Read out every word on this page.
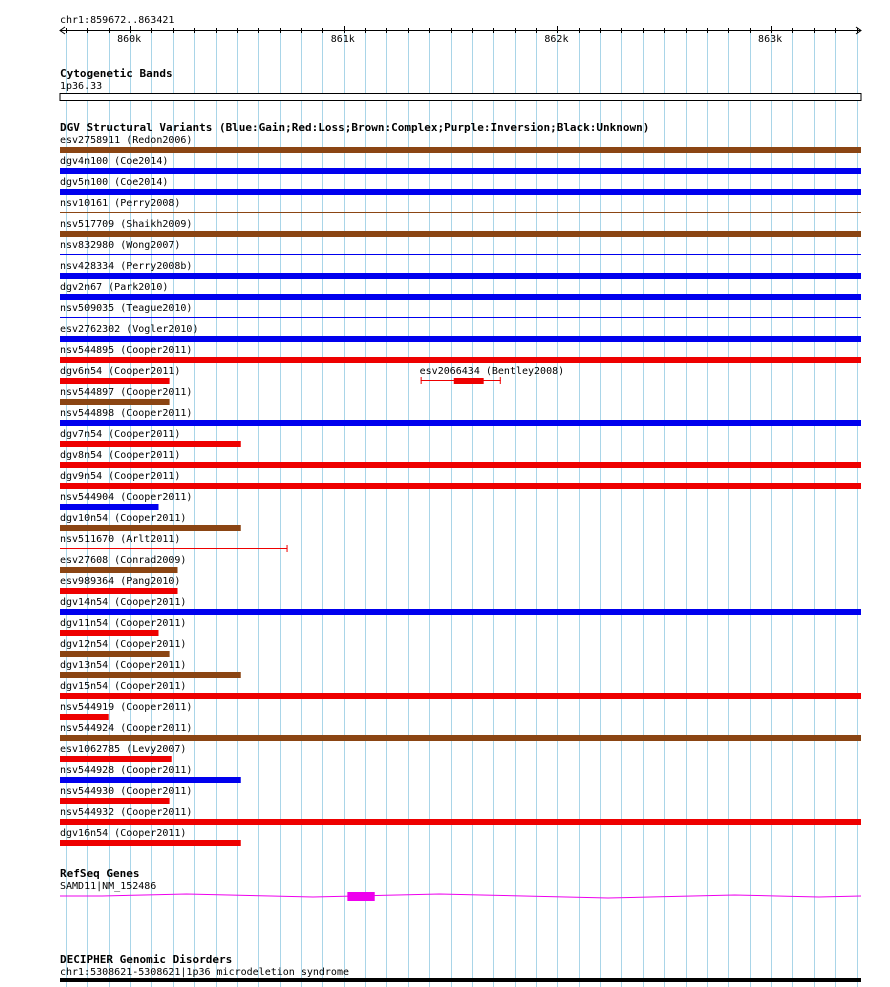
chr1:859672..863421
860k	861k	862k	863k
Cytogenetic Bands
1p36.33
DGV Structural Variants (Blue:Gain;Red:Loss;Brown:Complex;Purple:Inversion;Black:Unknown)
esv2758911 (Redon2006)
dgv4n100 (Coe2014)
dgv5n100 (Coe2014)
nsv10161 (Perry2008)
nsv517709 (Shaikh2009)
nsv832980 (Wong2007)
nsv428334 (Perry2008b)
dgv2n67 (Park2010)
nsv509035 (Teague2010)
esv2762302 (Vogler2010)
nsv544895 (Cooper2011)
dgv6n54 (Cooper2011)	esv2066434 (Bentley2008)
nsv544897 (Cooper2011)
nsv544898 (Cooper2011)
dgv7n54 (Cooper2011)
dgv8n54 (Cooper2011)
dgv9n54 (Cooper2011)
nsv544904 (Cooper2011)
dgv10n54 (Cooper2011)
nsv511670 (Arlt2011)
esv27608 (Conrad2009)
esv989364 (Pang2010)
dgv14n54 (Cooper2011)
dgv11n54 (Cooper2011)
dgv12n54 (Cooper2011)
dgv13n54 (Cooper2011)
dgv15n54 (Cooper2011)
nsv544919 (Cooper2011)
nsv544924 (Cooper2011)
esv1062785 (Levy2007)
nsv544928 (Cooper2011)
nsv544930 (Cooper2011)
nsv544932 (Cooper2011)
dgv16n54 (Cooper2011)
RefSeq Genes
SAMD11|NM_152486
DECIPHER Genomic Disorders
chr1:5308621-5308621|1p36 microdeletion syndrome
